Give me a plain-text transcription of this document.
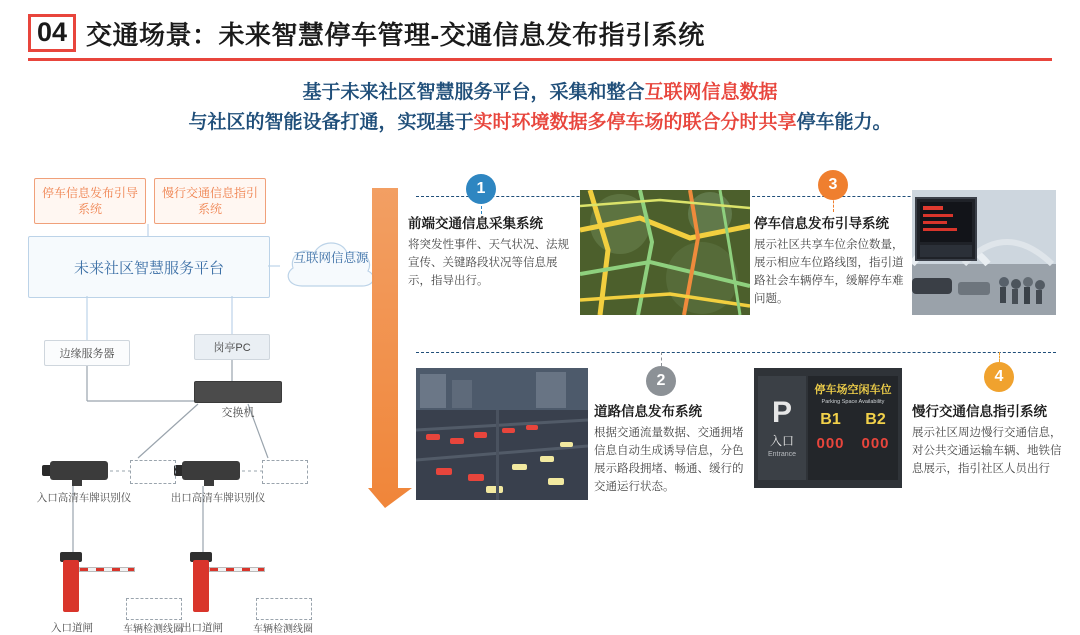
04 交通场景：未来智慧停车管理-交通信息发布指引系统
基于未来社区智慧服务平台，采集和整合互联网信息数据
与社区的智能设备打通，实现基于实时环境数据多停车场的联合分时共享停车能力。
停车信息发布引导系统
慢行交通信息指引系统
未来社区智慧服务平台
互联网信息源
边缘服务器	岗亭PC
交换机
入口高清车牌识别仪	出口高清车牌识别仪
入口道闸	出口道闸
车辆检测线圈	车辆检测线圈
1
2
3
4
前端交通信息采集系统
将突发性事件、天气状况、法规宣传、关键路段状况等信息展示，指导出行。
停车信息发布引导系统
展示社区共享车位余位数量，展示相应车位路线图，指引道路社会车辆停车，缓解停车难问题。
道路信息发布系统
根据交通流量数据、交通拥堵信息自动生成诱导信息，分色展示路段拥堵、畅通、缓行的交通运行状态。
慢行交通信息指引系统
展示社区周边慢行交通信息，对公共交通运输车辆、地铁信息展示，指引社区人员出行
P
入口
Entrance
停车场空闲车位
Parking Space Availability
B1 B2
000 000
